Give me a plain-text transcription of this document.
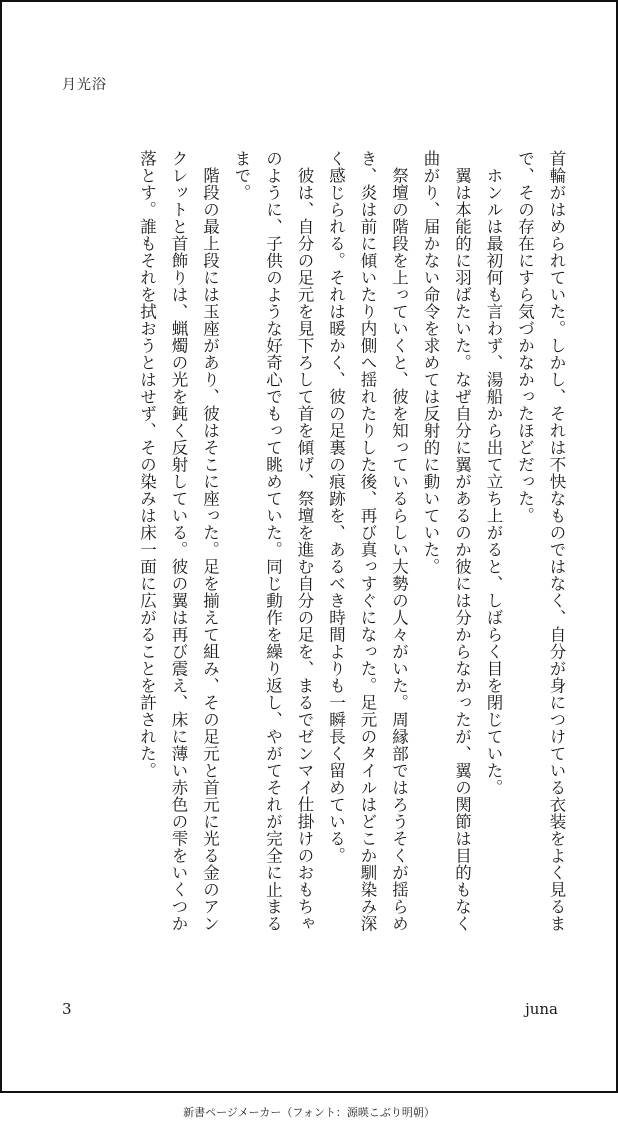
月光浴

首輪がはめられていた。しかし、それは不快なものではなく、自分が身につけている衣装をよく見るまで、その存在にすら気づかなかったほどだった。

ホンルは最初何も言わず、湯船から出て立ち上がると、しばらく目を閉じていた。

翼は本能的に羽ばたいた。なぜ自分に翼があるのか彼には分からなかったが、翼の関節は目的もなく曲がり、届かない命令を求めては反射的に動いていた。

祭壇の階段を上っていくと、彼を知っているらしい大勢の人々がいた。周縁部ではろうそくが揺らめき、炎は前に傾いたり内側へ揺れたりした後、再び真っすぐになった。足元のタイルはどこか馴染み深く感じられる。それは暖かく、彼の足裏の痕跡を、あるべき時間よりも一瞬長く留めている。

彼は、自分の足元を見下ろして首を傾げ、祭壇を進む自分の足を、まるでゼンマイ仕掛けのおもちゃのように、子供のような好奇心でもって眺めていた。同じ動作を繰り返し、やがてそれが完全に止まるまで。

階段の最上段には玉座があり、彼はそこに座った。足を揃えて組み、その足元と首元に光る金のアンクレットと首飾りは、蝋燭の光を鈍く反射している。彼の翼は再び震え、床に薄い赤色の雫をいくつか落とす。誰もそれを拭おうとはせず、その染みは床一面に広がることを許された。

3	juna
新書ページメーカー（フォント：源暎こぶり明朝）
